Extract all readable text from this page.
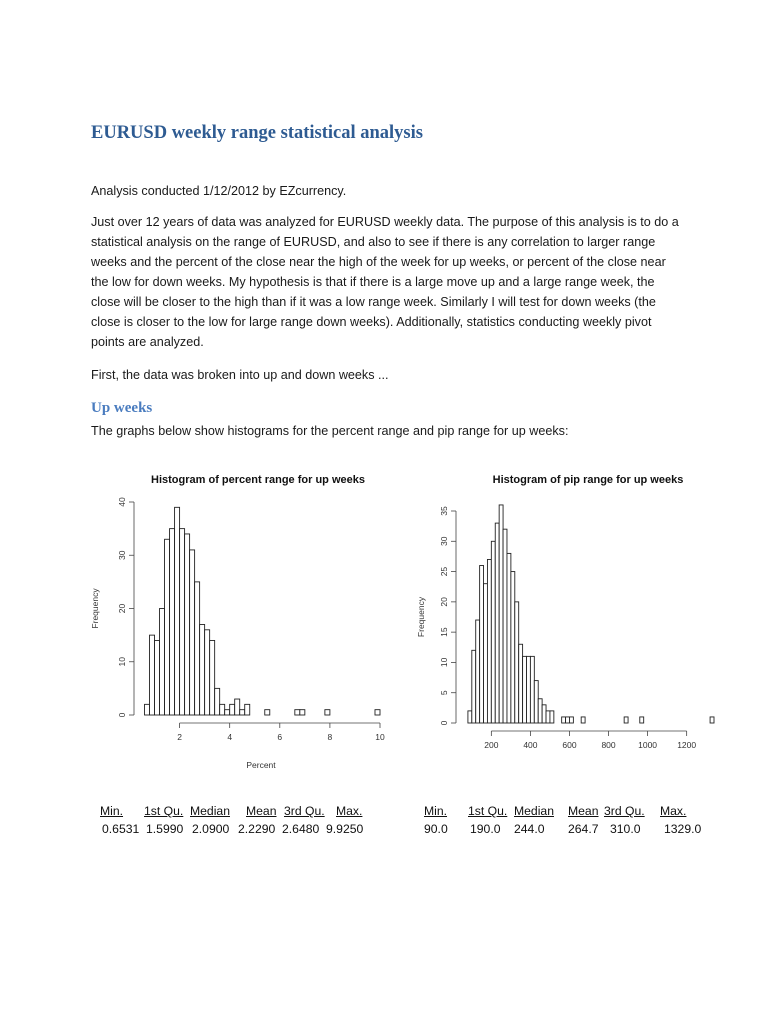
EURUSD weekly range statistical analysis

Analysis conducted 1/12/2012 by EZcurrency.

Just over 12 years of data was analyzed for EURUSD weekly data. The purpose of this analysis is to do a
statistical analysis on the range of EURUSD, and also to see if there is any correlation to larger range
weeks and the percent of the close near the high of the week for up weeks, or percent of the close near
the low for down weeks. My hypothesis is that if there is a large move up and a large range week, the
close will be closer to the high than if it was a low range week. Similarly I will test for down weeks (the
close is closer to the low for large range down weeks). Additionally, statistics conducting weekly pivot
points are analyzed.

First, the data was broken into up and down weeks ...

Up weeks

The graphs below show histograms for the percent range and pip range for up weeks:

Histogram of percent range for up weeks
0
10
20
30
40
2	4	6	8	10
Frequency
Percent
Histogram of pip range for up weeks
0
5
10
15
20
25
30
35
200	400	600	800	1000 1200
Frequency
Min. 1st Qu. Median Mean 3rd Qu. Max.
0.6531 1.5990 2.0900 2.2290 2.6480 9.9250
Min. 1st Qu. Median Mean 3rd Qu. Max.
90.0 190.0 244.0 264.7 310.0 1329.0
